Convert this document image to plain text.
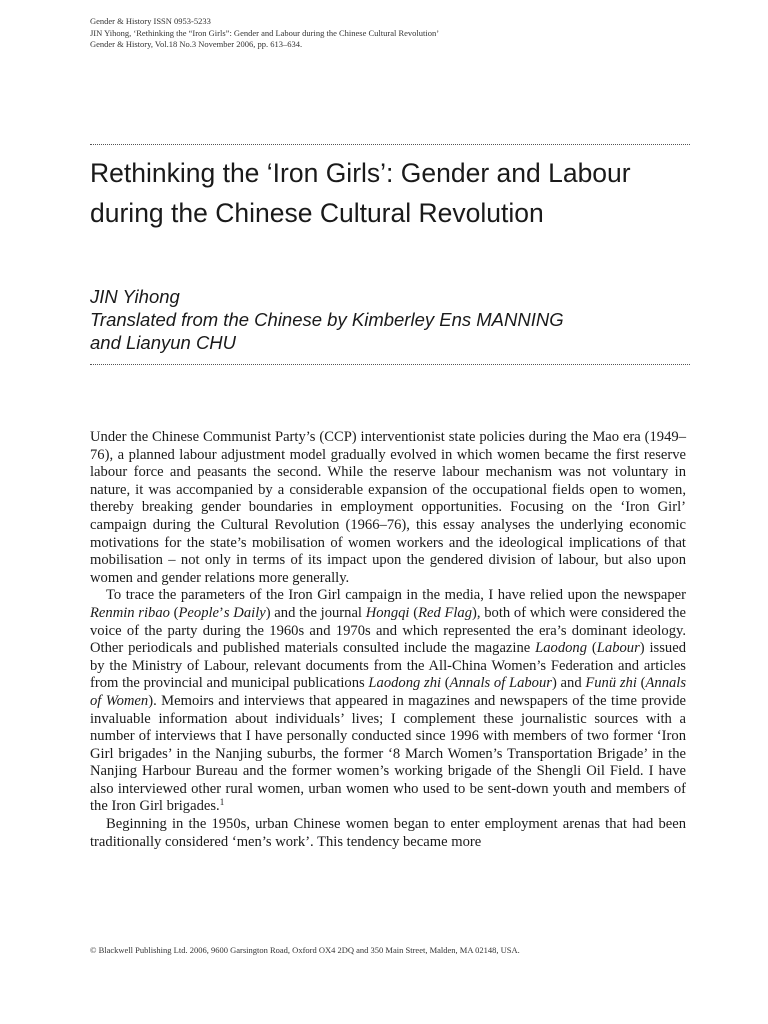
Gender & History ISSN 0953-5233
JIN Yihong, ‘Rethinking the “Iron Girls”: Gender and Labour during the Chinese Cultural Revolution’
Gender & History, Vol.18 No.3 November 2006, pp. 613–634.
Rethinking the ‘Iron Girls’: Gender and Labour during the Chinese Cultural Revolution
JIN Yihong
Translated from the Chinese by Kimberley Ens MANNING
and Lianyun CHU

Under the Chinese Communist Party’s (CCP) interventionist state policies during the Mao era (1949–76), a planned labour adjustment model gradually evolved in which women became the first reserve labour force and peasants the second. While the reserve labour mechanism was not voluntary in nature, it was accompanied by a considerable expansion of the occupational fields open to women, thereby breaking gender boundaries in employment opportunities. Focusing on the ‘Iron Girl’ campaign during the Cultural Revolution (1966–76), this essay analyses the underlying economic motivations for the state’s mobilisation of women workers and the ideological implications of that mobilisation – not only in terms of its impact upon the gendered division of labour, but also upon women and gender relations more generally.

To trace the parameters of the Iron Girl campaign in the media, I have relied upon the newspaper Renmin ribao (People’s Daily) and the journal Hongqi (Red Flag), both of which were considered the voice of the party during the 1960s and 1970s and which represented the era’s dominant ideology. Other periodicals and published materials consulted include the magazine Laodong (Labour) issued by the Ministry of Labour, relevant documents from the All-China Women’s Federation and articles from the provincial and municipal publications Laodong zhi (Annals of Labour) and Funü zhi (Annals of Women). Memoirs and interviews that appeared in magazines and newspapers of the time provide invaluable information about individuals’ lives; I complement these journalistic sources with a number of interviews that I have personally conducted since 1996 with members of two former ‘Iron Girl brigades’ in the Nanjing suburbs, the former ‘8 March Women’s Transportation Brigade’ in the Nanjing Harbour Bureau and the former women’s working brigade of the Shengli Oil Field. I have also interviewed other rural women, urban women who used to be sent-down youth and members of the Iron Girl brigades.$^1$

Beginning in the 1950s, urban Chinese women began to enter employment arenas that had been traditionally considered ‘men’s work’. This tendency became more

© Blackwell Publishing Ltd. 2006, 9600 Garsington Road, Oxford OX4 2DQ and 350 Main Street, Malden, MA 02148, USA.
